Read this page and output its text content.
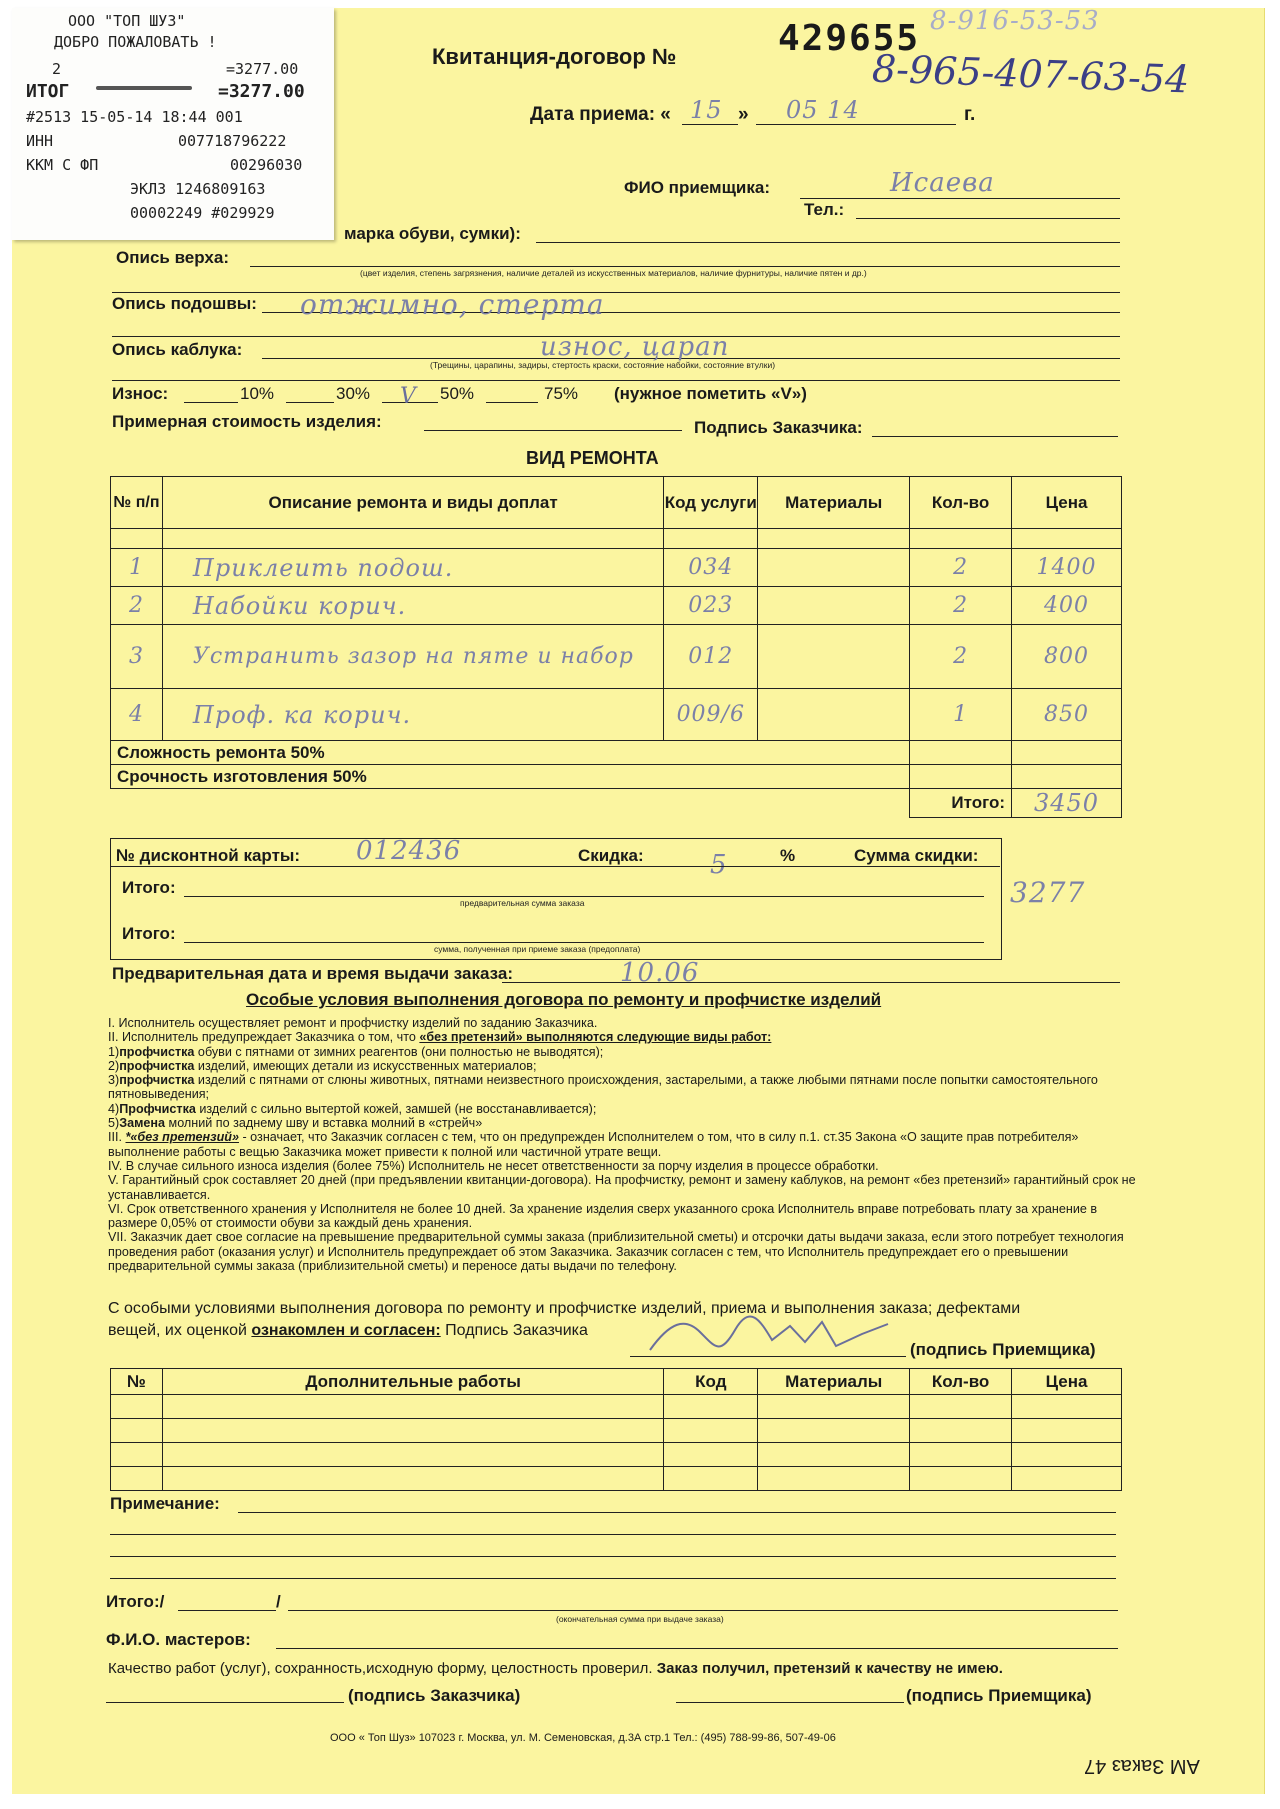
ООО "ТОП ШУЗ"
ДОБРО ПОЖАЛОВАТЬ !
2	=3277.00
ИТОГ	=3277.00
#2513 15-05-14 18:44 001
ИНН	007718796222
ККМ С ФП	00296030
ЭКЛЗ 1246809163
00002249 #029929
Квитанция-договор №	429655 8-916-53-53
8-965-407-63-54
Дата приема: « 15 » 05 14	г.
ФИО приемщика:	Исаева
Тел.:
марка обуви, сумки):
Опись верха:
(цвет изделия, степень загрязнения, наличие деталей из искусственных материалов, наличие фурнитуры, наличие пятен и др.)
Опись подошвы: отжимно, стерта
Опись каблука:	износ, царап
(Трещины, царапины, задиры, стертость краски, состояние набойки, состояние втулки)
Износ:	10%	30% V 50%	75% (нужное пометить «V»)
Примерная стоимость изделия:	Подпись Заказчика:
ВИД РЕМОНТА
№ п/п	Описание ремонта и виды доплат	Код услуги	Материалы	Кол-во	Цена

1	Приклеить подош.	034		2	1400
2	Набойки корич.	023		2	400
3	Устранить зазор на пяте и набор	012		2	800
4	Проф. ка корич.	009/6		1	850
Сложность ремонта 50%					
Срочность изготовления 50%					
				Итого:	3450
№ дисконтной карты: 012436	Скидка:	5	%	Сумма скидки:
Итого:
предварительная сумма заказа	3277
Итого:
сумма, полученная при приеме заказа (предоплата)
Предварительная дата и время выдачи заказа:	10.06
Особые условия выполнения договора по ремонту и профчистке изделий

I. Исполнитель осуществляет ремонт и профчистку изделий по заданию Заказчика.

II. Исполнитель предупреждает Заказчика о том, что «без претензий» выполняются следующие виды работ:

1)профчистка обуви с пятнами от зимних реагентов (они полностью не выводятся);

2)профчистка изделий, имеющих детали из искусственных материалов;

3)профчистка изделий с пятнами от слюны животных, пятнами неизвестного происхождения, застарелыми, а также любыми пятнами после попытки самостоятельного пятновыведения;

4)Профчистка изделий с сильно вытертой кожей, замшей (не восстанавливается);

5)Замена молний по заднему шву и вставка молний в «стрейч»

III. *«без претензий» - означает, что Заказчик согласен с тем, что он предупрежден Исполнителем о том, что в силу п.1. ст.35 Закона «О защите прав потребителя» выполнение работы с вещью Заказчика может привести к полной или частичной утрате вещи.

IV. В случае сильного износа изделия (более 75%) Исполнитель не несет ответственности за порчу изделия в процессе обработки.

V. Гарантийный срок составляет 20 дней (при предъявлении квитанции-договора). На профчистку, ремонт и замену каблуков, на ремонт «без претензий» гарантийный срок не устанавливается.

VI. Срок ответственного хранения у Исполнителя не более 10 дней. За хранение изделия сверх указанного срока Исполнитель вправе потребовать плату за хранение в размере 0,05% от стоимости обуви за каждый день хранения.

VII. Заказчик дает свое согласие на превышение предварительной суммы заказа (приблизительной сметы) и отсрочки даты выдачи заказа, если этого потребует технология проведения работ (оказания услуг) и Исполнитель предупреждает об этом Заказчика. Заказчик согласен с тем, что Исполнитель предупреждает его о превышении предварительной суммы заказа (приблизительной сметы) и переносе даты выдачи по телефону.

С особыми условиями выполнения договора по ремонту и профчистке изделий, приема и выполнения заказа; дефектами
вещей, их оценкой ознакомлен и согласен: Подпись Заказчика
(подпись Приемщика)
№	Дополнительные работы	Код	Материалы	Кол-во	Цена

Примечание:
Итого:/	/
(окончательная сумма при выдаче заказа)
Ф.И.О. мастеров:
Качество работ (услуг), сохранность,исходную форму, целостность проверил. Заказ получил, претензий к качеству не имею.
(подпись Заказчика)	(подпись Приемщика)
ООО « Топ Шуз» 107023 г. Москва, ул. М. Семеновская, д.3А стр.1 Тел.: (495) 788-99-86, 507-49-06
АМ Заказ 47
